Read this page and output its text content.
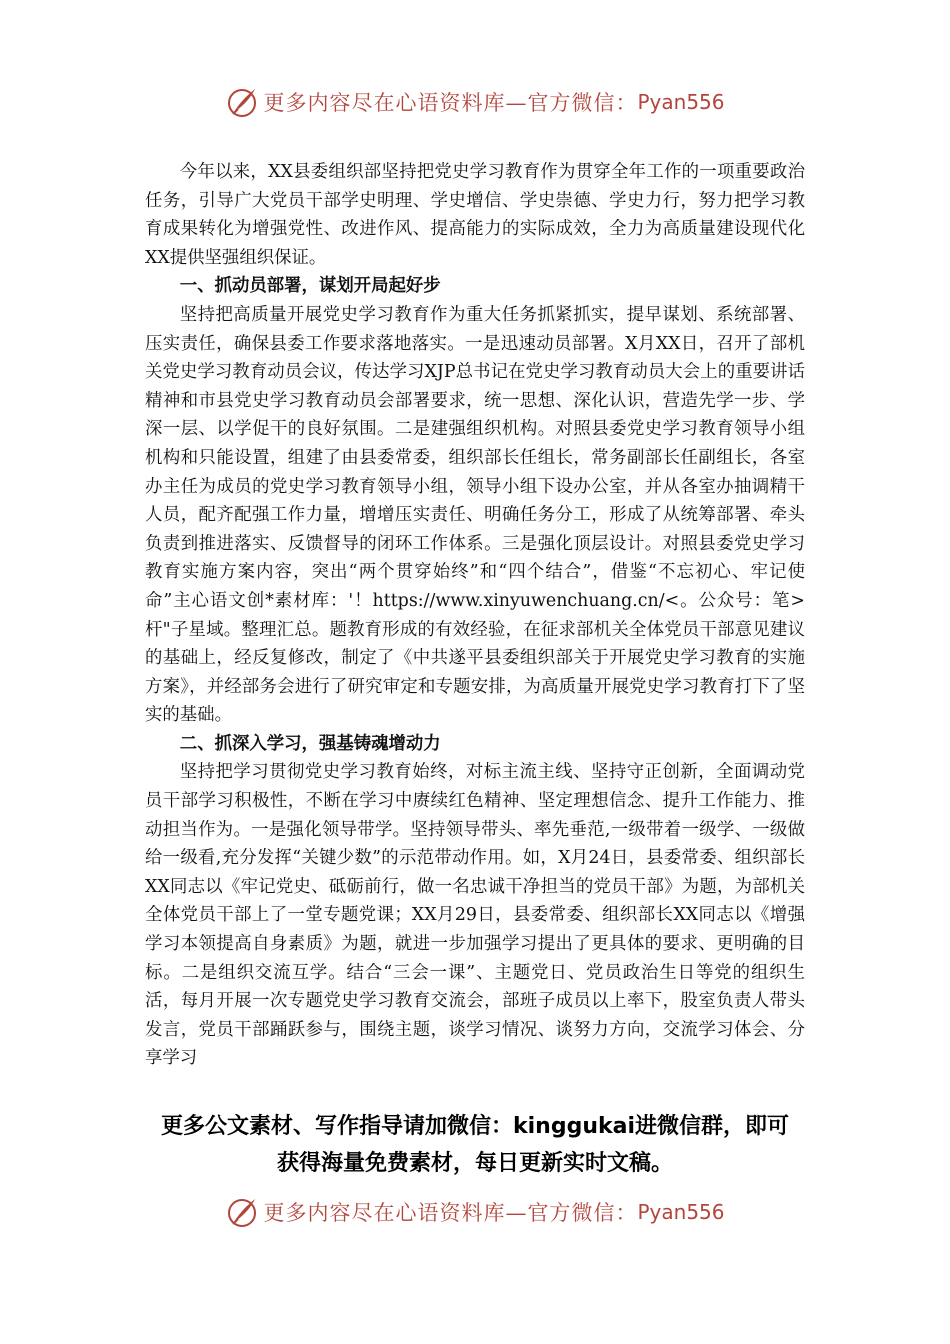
更多内容尽在心语资料库—官方微信： Pyan556

今年以来，XX县委组织部坚持把党史学习教育作为贯穿全年工作的一项重要政治任务，引导广大党员干部学史明理、学史增信、学史崇德、学史力行，努力把学习教育成果转化为增强党性、改进作风、提高能力的实际成效，全力为高质量建设现代化XX提供坚强组织保证。

一、抓动员部署，谋划开局起好步

坚持把高质量开展党史学习教育作为重大任务抓紧抓实，提早谋划、系统部署、压实责任，确保县委工作要求落地落实。一是迅速动员部署。X月XX日，召开了部机关党史学习教育动员会议，传达学习XJP总书记在党史学习教育动员大会上的重要讲话精神和市县党史学习教育动员会部署要求，统一思想、深化认识，营造先学一步、学深一层、以学促干的良好氛围。二是建强组织机构。对照县委党史学习教育领导小组机构和只能设置，组建了由县委常委，组织部长任组长，常务副部长任副组长，各室办主任为成员的党史学习教育领导小组，领导小组下设办公室，并从各室办抽调精干人员，配齐配强工作力量，增增压实责任、明确任务分工，形成了从统筹部署、牵头负责到推进落实、反馈督导的闭环工作体系。三是强化顶层设计。对照县委党史学习教育实施方案内容，突出“两个贯穿始终”和“四个结合”，借鉴“不忘初心、牢记使命”主心语文创*素材库：'！https://www.xinyuwenchuang.cn/<。公众号：笔>杆"子星域。整理汇总。题教育形成的有效经验，在征求部机关全体党员干部意见建议的基础上，经反复修改，制定了《中共遂平县委组织部关于开展党史学习教育的实施方案》，并经部务会进行了研究审定和专题安排，为高质量开展党史学习教育打下了坚实的基础。

二、抓深入学习，强基铸魂增动力

坚持把学习贯彻党史学习教育始终，对标主流主线、坚持守正创新，全面调动党员干部学习积极性，不断在学习中赓续红色精神、坚定理想信念、提升工作能力、推动担当作为。一是强化领导带学。坚持领导带头、率先垂范,一级带着一级学、一级做给一级看,充分发挥“关键少数”的示范带动作用。如，X月24日，县委常委、组织部长XX同志以《牢记党史、砥砺前行，做一名忠诚干净担当的党员干部》为题，为部机关全体党员干部上了一堂专题党课；XX月29日，县委常委、组织部长XX同志以《增强学习本领提高自身素质》为题，就进一步加强学习提出了更具体的要求、更明确的目标。二是组织交流互学。结合“三会一课”、主题党日、党员政治生日等党的组织生活，每月开展一次专题党史学习教育交流会，部班子成员以上率下，股室负责人带头发言，党员干部踊跃参与，围绕主题，谈学习情况、谈努力方向，交流学习体会、分享学习

更多公文素材、写作指导请加微信：kinggukai进微信群，即可
获得海量免费素材，每日更新实时文稿。
更多内容尽在心语资料库—官方微信： Pyan556
